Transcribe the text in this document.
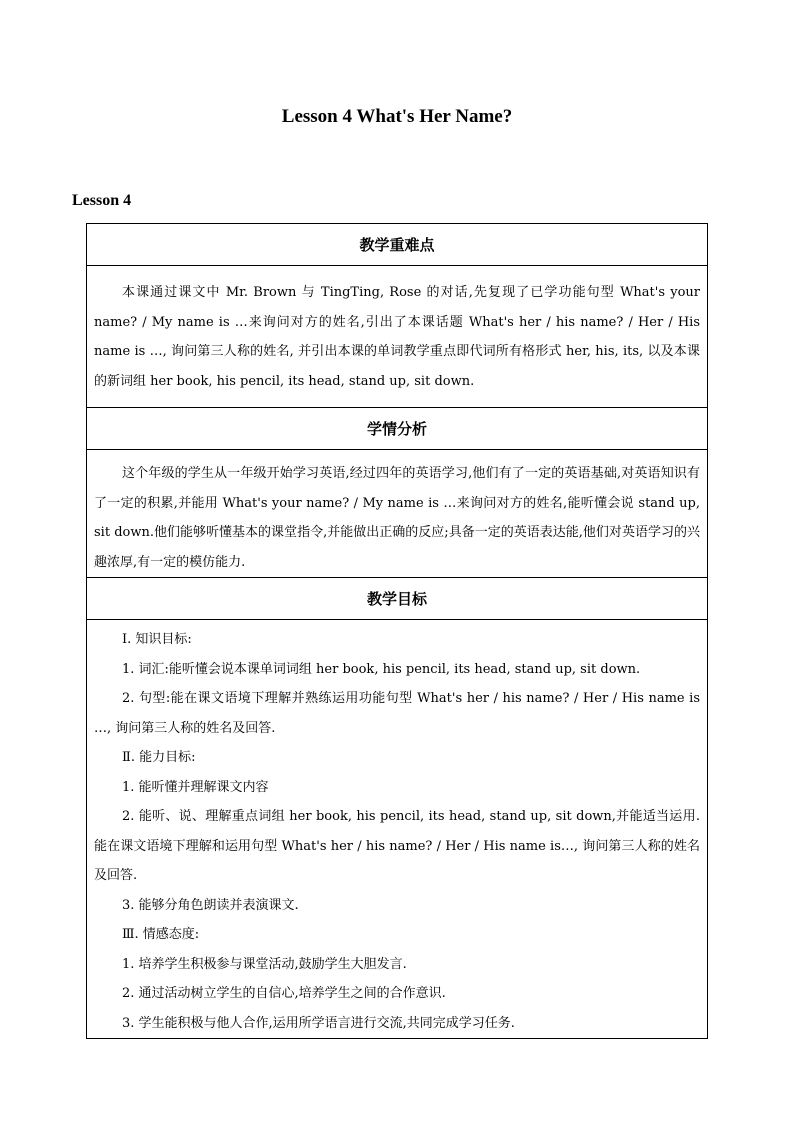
Lesson 4 What's Her Name?
Lesson 4
教学重难点

本课通过课文中 Mr. Brown 与 TingTing, Rose 的对话,先复现了已学功能句型 What's your name? / My name is …来询问对方的姓名,引出了本课话题 What's her / his name? / Her / His name is …, 询问第三人称的姓名, 并引出本课的单词教学重点即代词所有格形式 her, his, its, 以及本课的新词组 her book, his pencil, its head, stand up, sit down.

学情分析

这个年级的学生从一年级开始学习英语,经过四年的英语学习,他们有了一定的英语基础,对英语知识有了一定的积累,并能用 What's your name? / My name is …来询问对方的姓名,能听懂会说 stand up, sit down.他们能够听懂基本的课堂指令,并能做出正确的反应;具备一定的英语表达能,他们对英语学习的兴趣浓厚,有一定的模仿能力.

教学目标

Ⅰ. 知识目标:

1. 词汇:能听懂会说本课单词词组 her book, his pencil, its head, stand up, sit down.

2. 句型:能在课文语境下理解并熟练运用功能句型 What's her / his name? / Her / His name is …, 询问第三人称的姓名及回答.

Ⅱ. 能力目标:

1. 能听懂并理解课文内容

2. 能听、说、理解重点词组 her book, his pencil, its head, stand up, sit down,并能适当运用.能在课文语境下理解和运用句型 What's her / his name? / Her / His name is…, 询问第三人称的姓名及回答.

3. 能够分角色朗读并表演课文.

Ⅲ. 情感态度:

1. 培养学生积极参与课堂活动,鼓励学生大胆发言.

2. 通过活动树立学生的自信心,培养学生之间的合作意识.

3. 学生能积极与他人合作,运用所学语言进行交流,共同完成学习任务.
